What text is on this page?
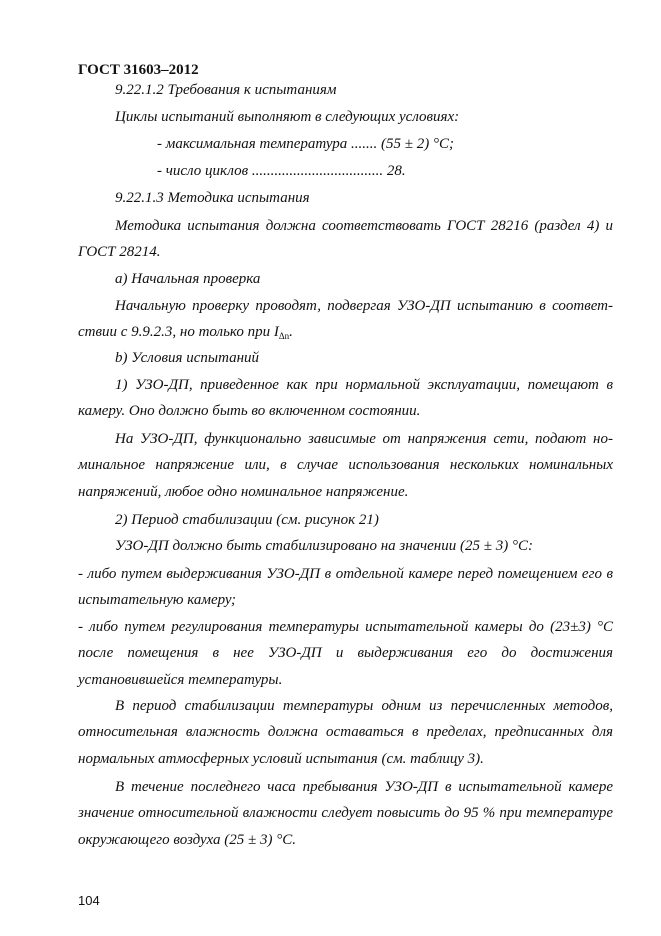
ГОСТ 31603–2012
9.22.1.2 Требования к испытаниям
Циклы испытаний выполняют в следующих условиях:
- максимальная температура ....... (55 ± 2) °С;
- число циклов ................................... 28.
9.22.1.3 Методика испытания
Методика испытания должна соответствовать ГОСТ 28216 (раздел 4) и ГОСТ 28214.
а) Начальная проверка
Начальную проверку проводят, подвергая УЗО-ДП испытанию в соответствии с 9.9.2.3, но только при $I_{\Delta n}$.
b) Условия испытаний
1) УЗО-ДП, приведенное как при нормальной эксплуатации, помещают в камеру. Оно должно быть во включенном состоянии.
На УЗО-ДП, функционально зависимые от напряжения сети, подают номинальное напряжение или, в случае использования нескольких номинальных напряжений, любое одно номинальное напряжение.
2) Период стабилизации (см. рисунок 21)
УЗО-ДП должно быть стабилизировано на значении (25 ± 3) °С:
- либо путем выдерживания УЗО-ДП в отдельной камере перед помещением его в испытательную камеру;
- либо путем регулирования температуры испытательной камеры до (23±3) °С после помещения в нее УЗО-ДП и выдерживания его до достижения установившейся температуры.
В период стабилизации температуры одним из перечисленных методов, относительная влажность должна оставаться в пределах, предписанных для нормальных атмосферных условий испытания (см. таблицу 3).
В течение последнего часа пребывания УЗО-ДП в испытательной камере значение относительной влажности следует повысить до 95 % при температуре окружающего воздуха (25 ± 3) °С.
104
